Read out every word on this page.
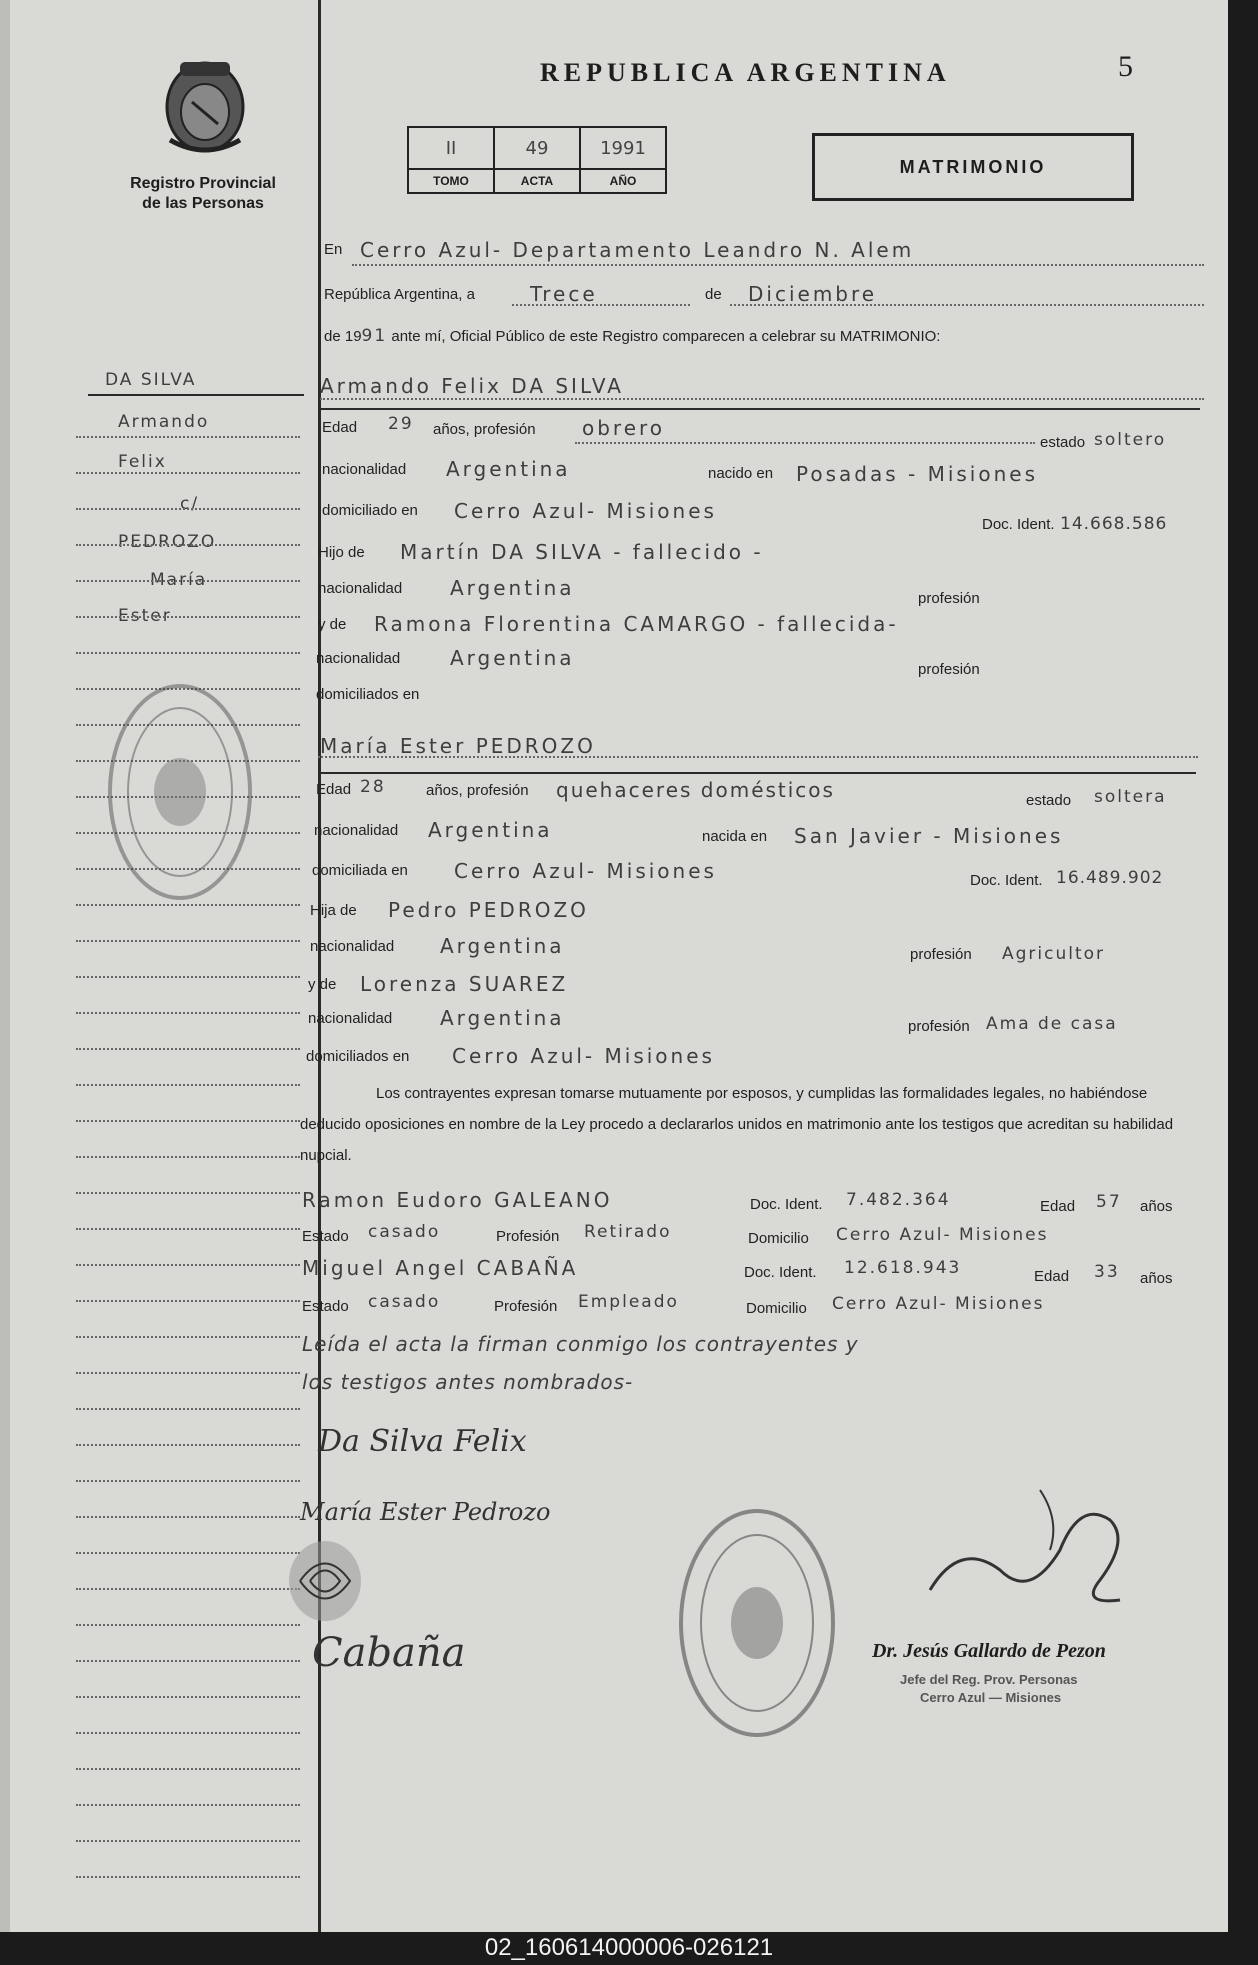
Registro Provincial
de las Personas
REPUBLICA ARGENTINA	5
II	49	1991
TOMO	ACTA	AÑO
MATRIMONIO
En Cerro Azul- Departamento Leandro N. Alem
República Argentina, a	Trece	de Diciembre
de 1991 ante mí, Oficial Público de este Registro comparecen a celebrar su MATRIMONIO:
DA SILVA
Armando
Felix
c/
PEDROZO
María
Ester
Armando Felix DA SILVA
Edad 29 años, profesión obrero
estado soltero
nacionalidad Argentina	nacido en Posadas - Misiones
domiciliado en Cerro Azul- Misiones
Doc. Ident. 14.668.586
Hijo de Martín DA SILVA - fallecido -
nacionalidad Argentina	profesión
y de Ramona Florentina CAMARGO - fallecida-
nacionalidad Argentina	profesión
domiciliados en
María Ester PEDROZO
Edad 28	años, profesión quehaceres domésticos	estado soltera
nacionalidad Argentina	nacida en San Javier - Misiones
domiciliada en Cerro Azul- Misiones	Doc. Ident. 16.489.902
Hija de Pedro PEDROZO
nacionalidad Argentina	profesión Agricultor
y de Lorenza SUAREZ
nacionalidad Argentina	profesión Ama de casa
domiciliados en Cerro Azul- Misiones
Los contrayentes expresan tomarse mutuamente por esposos, y cumplidas las formalidades legales, no habiéndose deducido oposiciones en nombre de la Ley procedo a declararlos unidos en matrimonio ante los testigos que acreditan su habilidad nupcial.
Ramon Eudoro GALEANO	Doc. Ident. 7.482.364	Edad 57 años
Estado casado	Profesión Retirado	Domicilio Cerro Azul- Misiones
Miguel Angel CABAÑA	Doc. Ident. 12.618.943	Edad 33 años
Estado casado	Profesión Empleado	Domicilio Cerro Azul- Misiones
Leída el acta la firman conmigo los contrayentes y
los testigos antes nombrados-
Da Silva Felix
María Ester Pedrozo
Cabaña	Dr. Jesús Gallardo de Pezon
Jefe del Reg. Prov. Personas
Cerro Azul — Misiones
02_160614000006-026121
